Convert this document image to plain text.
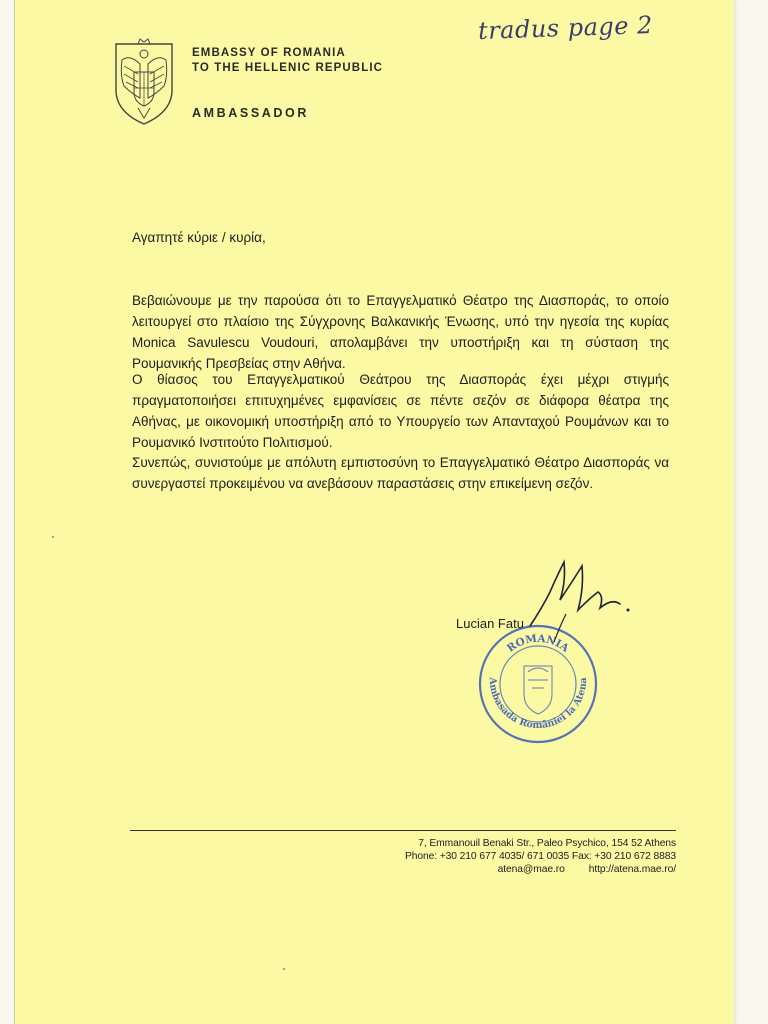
EMBASSY OF ROMANIA
TO THE HELLENIC REPUBLIC
AMBASSADOR
tradus page 2
Αγαπητέ κύριε / κυρία,
Βεβαιώνουμε με την παρούσα ότι το Επαγγελματικό Θέατρο της Διασποράς, το οποίο λειτουργεί στο πλαίσιο της Σύγχρονης Βαλκανικής Ένωσης, υπό την ηγεσία της κυρίας Monica Savulescu Voudouri, απολαμβάνει την υποστήριξη και τη σύσταση της Ρουμανικής Πρεσβείας στην Αθήνα.
Ο θίασος του Επαγγελματικού Θεάτρου της Διασποράς έχει μέχρι στιγμής πραγματοποιήσει επιτυχημένες εμφανίσεις σε πέντε σεζόν σε διάφορα θέατρα της Αθήνας, με οικονομική υποστήριξη από το Υπουργείο των Απανταχού Ρουμάνων και το Ρουμανικό Ινστιτούτο Πολιτισμού.
Συνεπώς, συνιστούμε με απόλυτη εμπιστοσύνη το Επαγγελματικό Θέατρο Διασποράς να συνεργαστεί προκειμένου να ανεβάσουν παραστάσεις στην επικείμενη σεζόν.
Lucian Fatu
ROMANIA
Ambasada României la Atena
7, Emmanouil Benaki Str., Paleo Psychico, 154 52 Athens
Phone: +30 210 677 4035/ 671 0035 Fax: +30 210 672 8883
atena@mae.ro http://atena.mae.ro/
